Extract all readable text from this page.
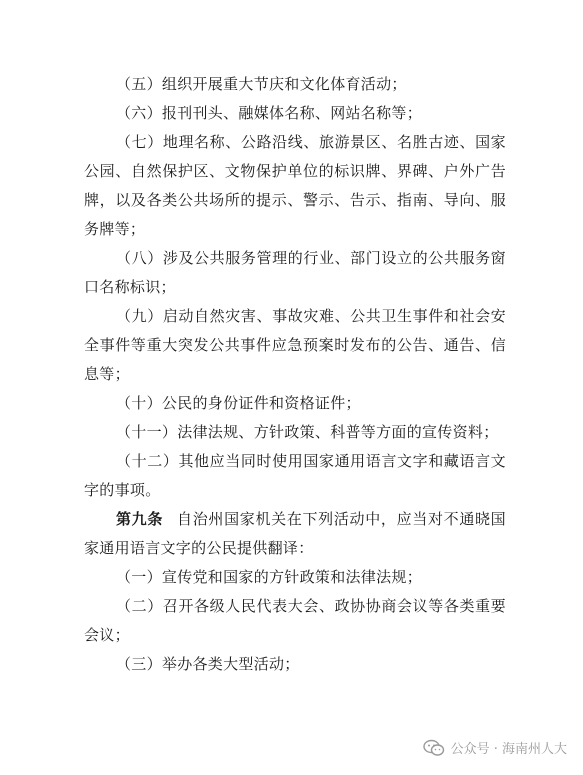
（五）组织开展重大节庆和文化体育活动；

（六）报刊刊头、融媒体名称、网站名称等；

（七）地理名称、公路沿线、旅游景区、名胜古迹、国家公园、自然保护区、文物保护单位的标识牌、界碑、户外广告牌，以及各类公共场所的提示、警示、告示、指南、导向、服务牌等；

（八）涉及公共服务管理的行业、部门设立的公共服务窗口名称标识；

（九）启动自然灾害、事故灾难、公共卫生事件和社会安全事件等重大突发公共事件应急预案时发布的公告、通告、信息等；

（十）公民的身份证件和资格证件；

（十一）法律法规、方针政策、科普等方面的宣传资料；

（十二）其他应当同时使用国家通用语言文字和藏语言文字的事项。

第九条 自治州国家机关在下列活动中，应当对不通晓国家通用语言文字的公民提供翻译：

（一）宣传党和国家的方针政策和法律法规；

（二）召开各级人民代表大会、政协协商会议等各类重要会议；

（三）举办各类大型活动；

公众号 · 海南州人大
